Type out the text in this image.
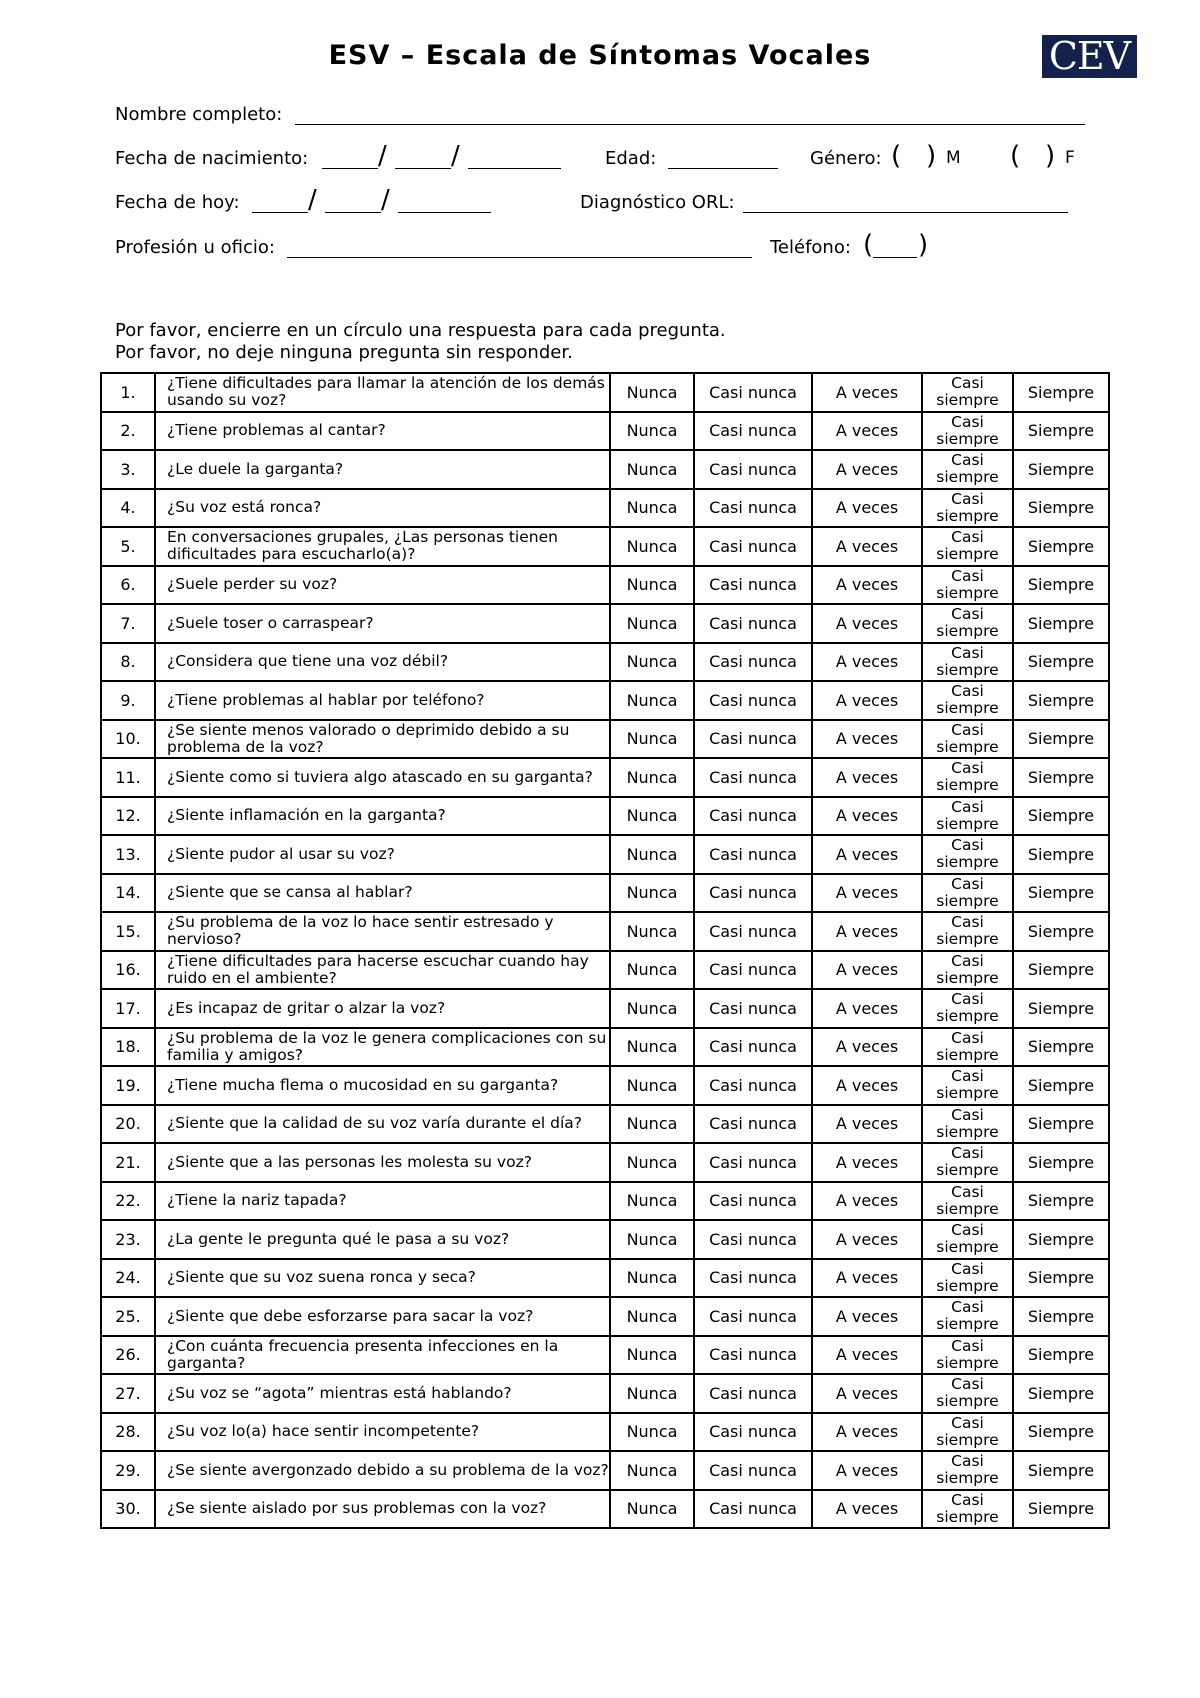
ESV – Escala de Síntomas Vocales	CEV
Nombre completo:
Fecha de nacimiento:	/ /	Edad:	Género: (   ) M (   ) F
Fecha de hoy:	/ /	Diagnóstico ORL:
Profesión u oficio:	Teléfono: ( )
Por favor, encierre en un círculo una respuesta para cada pregunta.
Por favor, no deje ninguna pregunta sin responder.
1.	¿Tiene dificultades para llamar la atención de los demás usando su voz?	Nunca	Casi nunca	A veces	Casi siempre	Siempre
2.	¿Tiene problemas al cantar?	Nunca	Casi nunca	A veces	Casi siempre	Siempre
3.	¿Le duele la garganta?	Nunca	Casi nunca	A veces	Casi siempre	Siempre
4.	¿Su voz está ronca?	Nunca	Casi nunca	A veces	Casi siempre	Siempre
5.	En conversaciones grupales, ¿Las personas tienen dificultades para escucharlo(a)?	Nunca	Casi nunca	A veces	Casi siempre	Siempre
6.	¿Suele perder su voz?	Nunca	Casi nunca	A veces	Casi siempre	Siempre
7.	¿Suele toser o carraspear?	Nunca	Casi nunca	A veces	Casi siempre	Siempre
8.	¿Considera que tiene una voz débil?	Nunca	Casi nunca	A veces	Casi siempre	Siempre
9.	¿Tiene problemas al hablar por teléfono?	Nunca	Casi nunca	A veces	Casi siempre	Siempre
10.	¿Se siente menos valorado o deprimido debido a su problema de la voz?	Nunca	Casi nunca	A veces	Casi siempre	Siempre
11.	¿Siente como si tuviera algo atascado en su garganta?	Nunca	Casi nunca	A veces	Casi siempre	Siempre
12.	¿Siente inflamación en la garganta?	Nunca	Casi nunca	A veces	Casi siempre	Siempre
13.	¿Siente pudor al usar su voz?	Nunca	Casi nunca	A veces	Casi siempre	Siempre
14.	¿Siente que se cansa al hablar?	Nunca	Casi nunca	A veces	Casi siempre	Siempre
15.	¿Su problema de la voz lo hace sentir estresado y nervioso?	Nunca	Casi nunca	A veces	Casi siempre	Siempre
16.	¿Tiene dificultades para hacerse escuchar cuando hay ruido en el ambiente?	Nunca	Casi nunca	A veces	Casi siempre	Siempre
17.	¿Es incapaz de gritar o alzar la voz?	Nunca	Casi nunca	A veces	Casi siempre	Siempre
18.	¿Su problema de la voz le genera complicaciones con su familia y amigos?	Nunca	Casi nunca	A veces	Casi siempre	Siempre
19.	¿Tiene mucha flema o mucosidad en su garganta?	Nunca	Casi nunca	A veces	Casi siempre	Siempre
20.	¿Siente que la calidad de su voz varía durante el día?	Nunca	Casi nunca	A veces	Casi siempre	Siempre
21.	¿Siente que a las personas les molesta su voz?	Nunca	Casi nunca	A veces	Casi siempre	Siempre
22.	¿Tiene la nariz tapada?	Nunca	Casi nunca	A veces	Casi siempre	Siempre
23.	¿La gente le pregunta qué le pasa a su voz?	Nunca	Casi nunca	A veces	Casi siempre	Siempre
24.	¿Siente que su voz suena ronca y seca?	Nunca	Casi nunca	A veces	Casi siempre	Siempre
25.	¿Siente que debe esforzarse para sacar la voz?	Nunca	Casi nunca	A veces	Casi siempre	Siempre
26.	¿Con cuánta frecuencia presenta infecciones en la garganta?	Nunca	Casi nunca	A veces	Casi siempre	Siempre
27.	¿Su voz se “agota” mientras está hablando?	Nunca	Casi nunca	A veces	Casi siempre	Siempre
28.	¿Su voz lo(a) hace sentir incompetente?	Nunca	Casi nunca	A veces	Casi siempre	Siempre
29.	¿Se siente avergonzado debido a su problema de la voz?	Nunca	Casi nunca	A veces	Casi siempre	Siempre
30.	¿Se siente aislado por sus problemas con la voz?	Nunca	Casi nunca	A veces	Casi siempre	Siempre
